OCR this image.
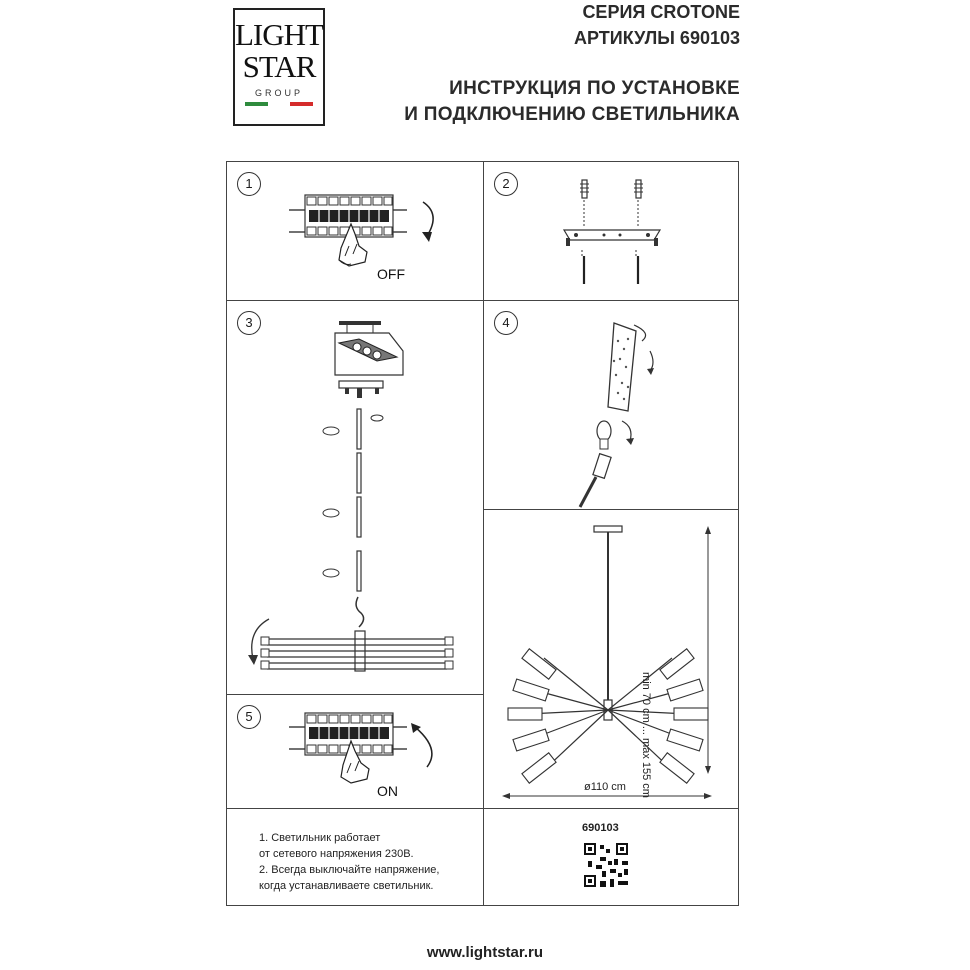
LIGHT
STAR
GROUP
СЕРИЯ CROTONE
АРТИКУЛЫ 690103
ИНСТРУКЦИЯ ПО УСТАНОВКЕ
И ПОДКЛЮЧЕНИЮ СВЕТИЛЬНИКА
1
OFF
2
3	4
min 70 cm ... max 155 cm
ø110 cm
5
ON
1. Светильник работает
от сетевого напряжения 230В.
2. Всегда выключайте напряжение,
когда устанавливаете светильник.
690103
www.lightstar.ru
